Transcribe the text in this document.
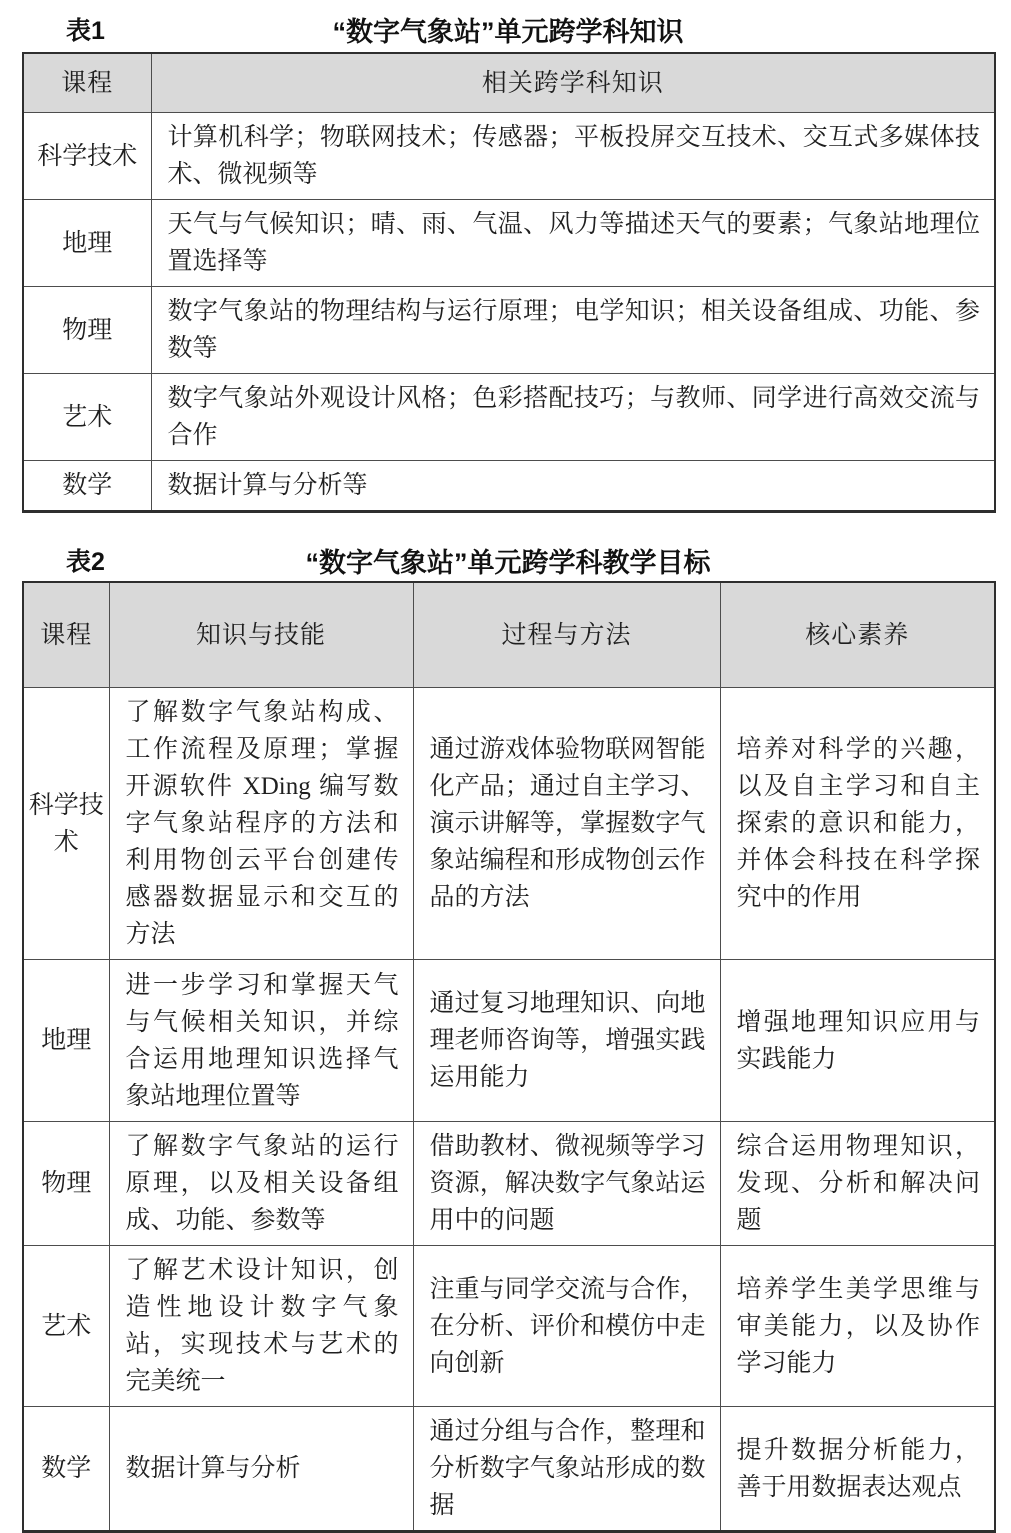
表1	“数字气象站”单元跨学科知识
课程	相关跨学科知识
科学技术	计算机科学；物联网技术；传感器；平板投屏交互技术、交互式多媒体技术、微视频等
地理	天气与气候知识；晴、雨、气温、风力等描述天气的要素；气象站地理位置选择等
物理	数字气象站的物理结构与运行原理；电学知识；相关设备组成、功能、参数等
艺术	数字气象站外观设计风格；色彩搭配技巧；与教师、同学进行高效交流与合作
数学	数据计算与分析等
表2	“数字气象站”单元跨学科教学目标
课程	知识与技能	过程与方法	核心素养
科学技术	了解数字气象站构成、工作流程及原理；掌握开源软件 XDing 编写数字气象站程序的方法和利用物创云平台创建传感器数据显示和交互的方法	通过游戏体验物联网智能化产品；通过自主学习、演示讲解等，掌握数字气象站编程和形成物创云作品的方法	培养对科学的兴趣，以及自主学习和自主探索的意识和能力，并体会科技在科学探究中的作用
地理	进一步学习和掌握天气与气候相关知识，并综合运用地理知识选择气象站地理位置等	通过复习地理知识、向地理老师咨询等，增强实践运用能力	增强地理知识应用与实践能力
物理	了解数字气象站的运行原理，以及相关设备组成、功能、参数等	借助教材、微视频等学习资源，解决数字气象站运用中的问题	综合运用物理知识，发现、分析和解决问题
艺术	了解艺术设计知识，创造性地设计数字气象站，实现技术与艺术的完美统一	注重与同学交流与合作，在分析、评价和模仿中走向创新	培养学生美学思维与审美能力，以及协作学习能力
数学	数据计算与分析	通过分组与合作，整理和分析数字气象站形成的数据	提升数据分析能力，善于用数据表达观点
